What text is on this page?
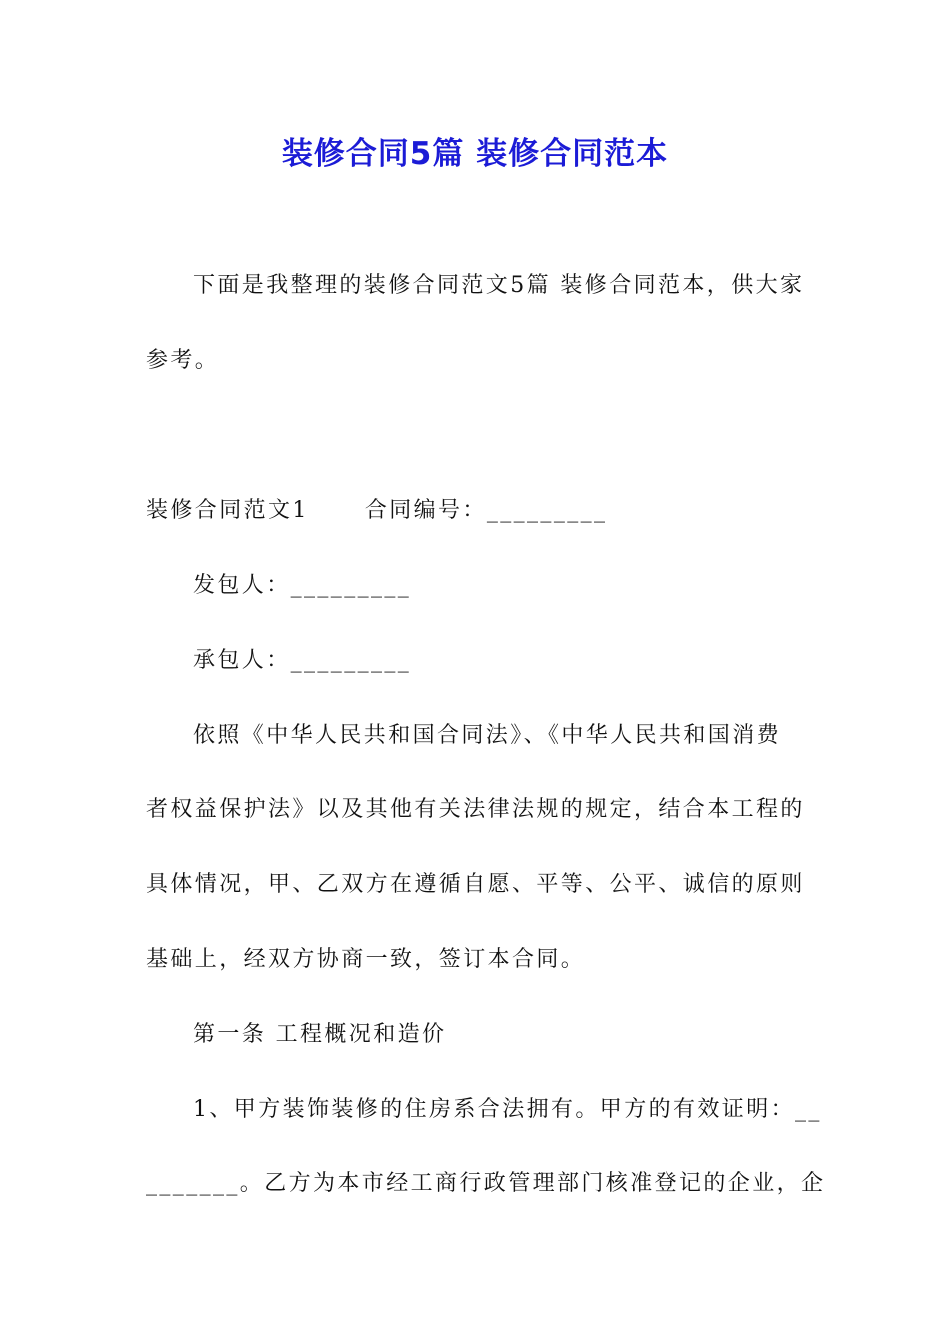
装修合同5篇 装修合同范本
下面是我整理的装修合同范文5篇 装修合同范本，供大家
参考。
装修合同范文1	合同编号：_________
发包人：_________
承包人：_________
依照《中华人民共和国合同法》、《中华人民共和国消费
者权益保护法》以及其他有关法律法规的规定，结合本工程的
具体情况，甲、乙双方在遵循自愿、平等、公平、诚信的原则
基础上，经双方协商一致，签订本合同。
第一条 工程概况和造价
1、甲方装饰装修的住房系合法拥有。甲方的有效证明：__
_______。乙方为本市经工商行政管理部门核准登记的企业，企
